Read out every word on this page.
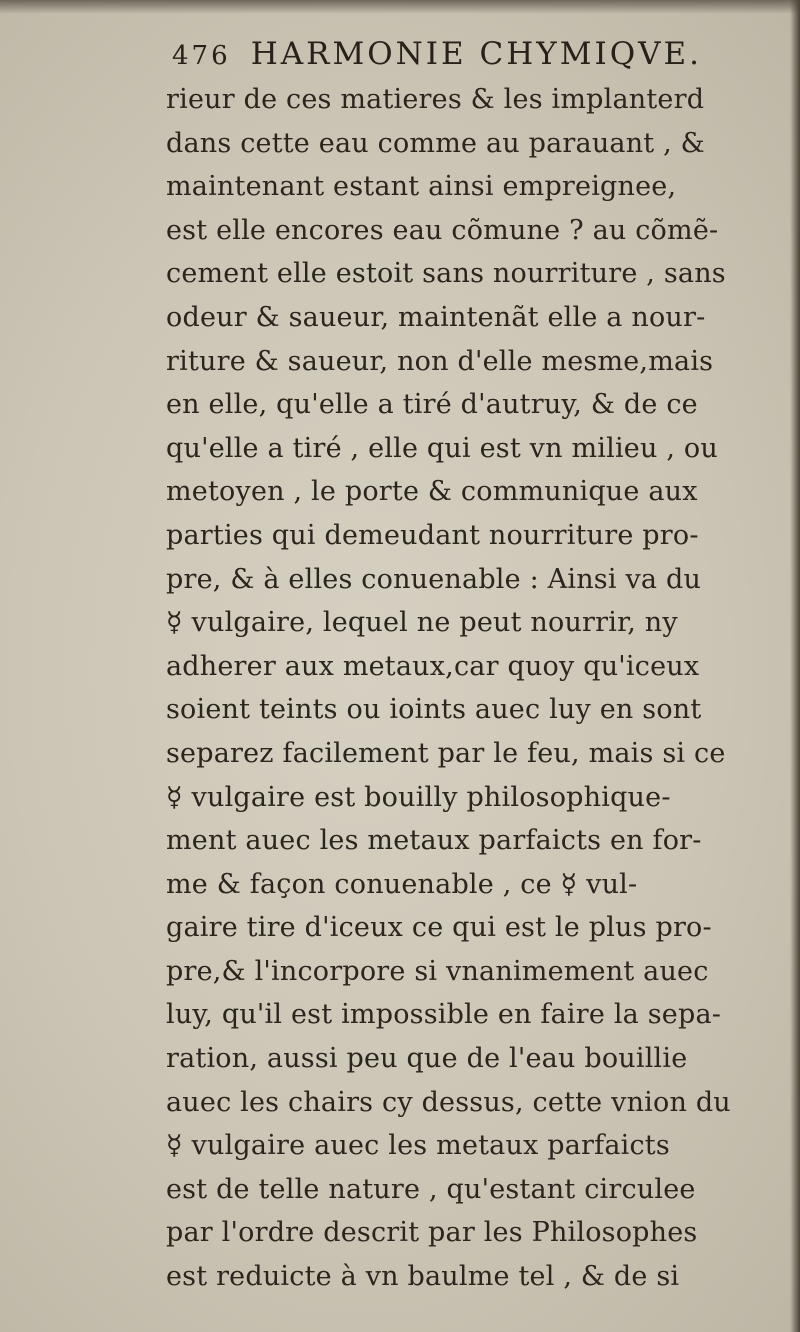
476 HARMONIE CHYMIQVE.
rieur de ces matieres & les implanterd
dans cette eau comme au parauant , &
maintenant estant ainsi empreignee,
est elle encores eau cõmune ? au cõmẽ-
cement elle estoit sans nourriture , sans
odeur & saueur, maintenãt elle a nour-
riture & saueur, non d'elle mesme,mais
en elle, qu'elle a tiré d'autruy, & de ce
qu'elle a tiré , elle qui est vn milieu , ou
metoyen , le porte & communique aux
parties qui demeudant nourriture pro-
pre, & à elles conuenable : Ainsi va du
☿ vulgaire, lequel ne peut nourrir, ny
adherer aux metaux,car quoy qu'iceux
soient teints ou ioints auec luy en sont
separez facilement par le feu, mais si ce
☿ vulgaire est bouilly philosophique-
ment auec les metaux parfaicts en for-
me & façon conuenable , ce ☿ vul-
gaire tire d'iceux ce qui est le plus pro-
pre,& l'incorpore si vnanimement auec
luy, qu'il est impossible en faire la sepa-
ration, aussi peu que de l'eau bouillie
auec les chairs cy dessus, cette vnion du
☿ vulgaire auec les metaux parfaicts
est de telle nature , qu'estant circulee
par l'ordre descrit par les Philosophes
est reduicte à vn baulme tel , & de si
